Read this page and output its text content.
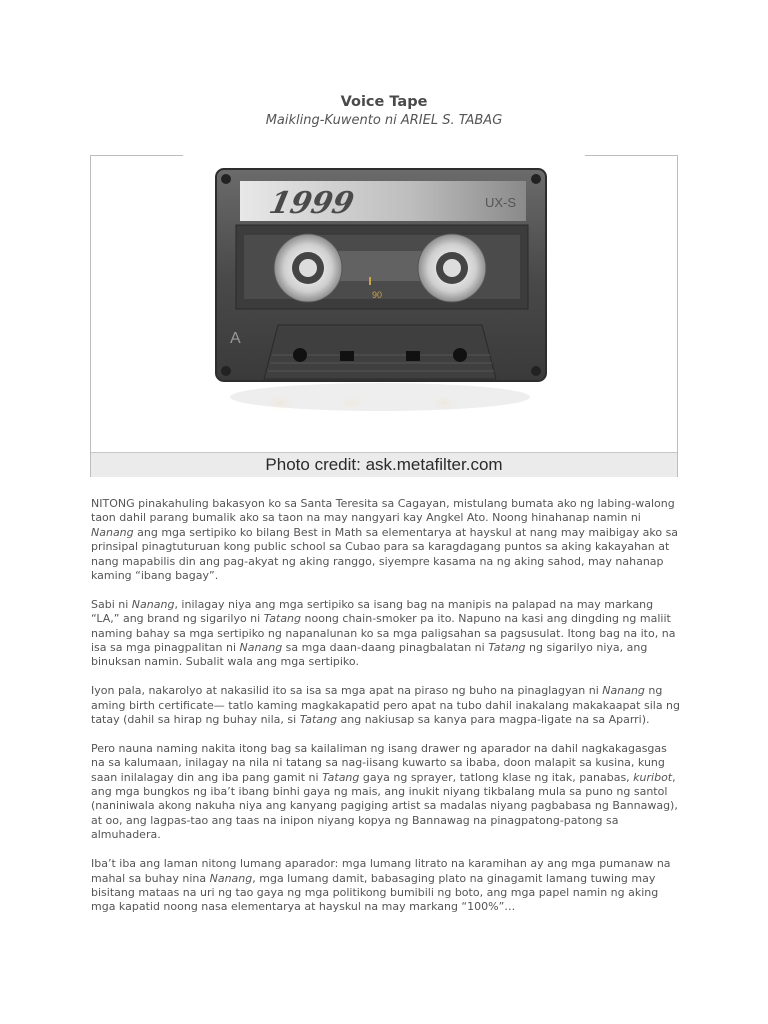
Voice Tape
Maikling-Kuwento ni ARIEL S. TABAG
1999	UX-S
90
A
Photo credit: ask.metafilter.com

NITONG pinakahuling bakasyon ko sa Santa Teresita sa Cagayan, mistulang bumata ako ng labing-walong taon dahil parang bumalik ako sa taon na may nangyari kay Angkel Ato. Noong hinahanap namin ni Nanang ang mga sertipiko ko bilang Best in Math sa elementarya at hayskul at nang may maibigay ako sa prinsipal pinagtuturuan kong public school sa Cubao para sa karagdagang puntos sa aking kakayahan at nang mapabilis din ang pag-akyat ng aking ranggo, siyempre kasama na ng aking sahod, may nahanap kaming “ibang bagay”.

Sabi ni Nanang, inilagay niya ang mga sertipiko sa isang bag na manipis na palapad na may markang “LA,” ang brand ng sigarilyo ni Tatang noong chain-smoker pa ito. Napuno na kasi ang dingding ng maliit naming bahay sa mga sertipiko ng napanalunan ko sa mga paligsahan sa pagsusulat. Itong bag na ito, na isa sa mga pinagpalitan ni Nanang sa mga daan-daang pinagbalatan ni Tatang ng sigarilyo niya, ang binuksan namin. Subalit wala ang mga sertipiko.

Iyon pala, nakarolyo at nakasilid ito sa isa sa mga apat na piraso ng buho na pinaglagyan ni Nanang ng aming birth certificate— tatlo kaming magkakapatid pero apat na tubo dahil inakalang makakaapat sila ng tatay (dahil sa hirap ng buhay nila, si Tatang ang nakiusap sa kanya para magpa-ligate na sa Aparri).

Pero nauna naming nakita itong bag sa kailaliman ng isang drawer ng aparador na dahil nagkakagasgas na sa kalumaan, inilagay na nila ni tatang sa nag-iisang kuwarto sa ibaba, doon malapit sa kusina, kung saan inilalagay din ang iba pang gamit ni Tatang gaya ng sprayer, tatlong klase ng itak, panabas, kuribot, ang mga bungkos ng iba’t ibang binhi gaya ng mais, ang inukit niyang tikbalang mula sa puno ng santol (naniniwala akong nakuha niya ang kanyang pagiging artist sa madalas niyang pagbabasa ng Bannawag), at oo, ang lagpas-tao ang taas na inipon niyang kopya ng Bannawag na pinagpatong-patong sa almuhadera.

Iba’t iba ang laman nitong lumang aparador: mga lumang litrato na karamihan ay ang mga pumanaw na mahal sa buhay nina Nanang, mga lumang damit, babasaging plato na ginagamit lamang tuwing may bisitang mataas na uri ng tao gaya ng mga politikong bumibili ng boto, ang mga papel namin ng aking mga kapatid noong nasa elementarya at hayskul na may markang “100%”…
